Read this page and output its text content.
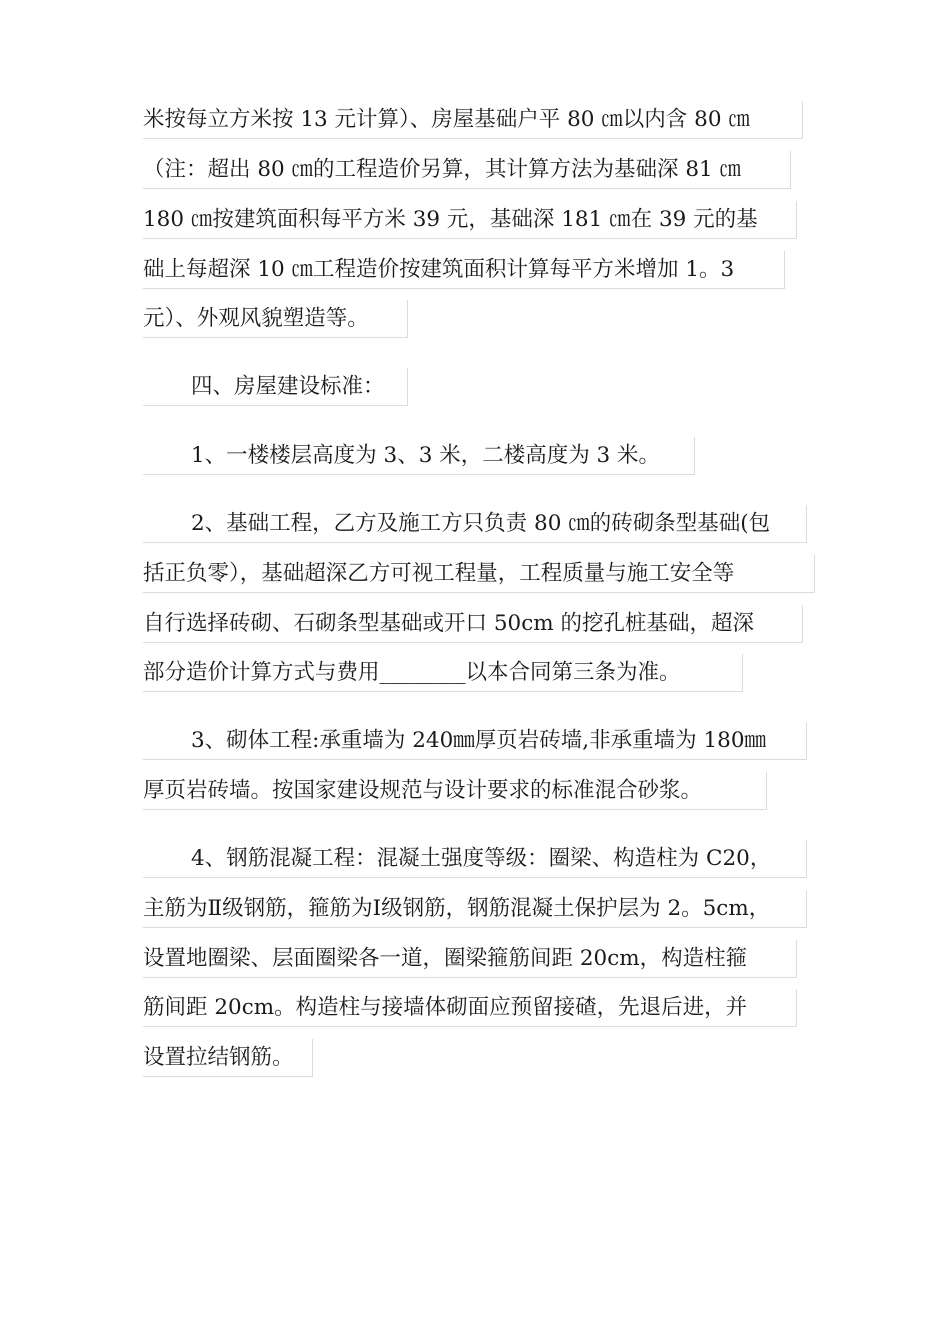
米按每立方米按 13 元计算）、房屋基础户平 80 ㎝以内含 80 ㎝
（注：超出 80 ㎝的工程造价另算，其计算方法为基础深 81 ㎝
180 ㎝按建筑面积每平方米 39 元，基础深 181 ㎝在 39 元的基
础上每超深 10 ㎝工程造价按建筑面积计算每平方米增加 1。3
元）、外观风貌塑造等。
四、房屋建设标准：
1、一楼楼层高度为 3、3 米，二楼高度为 3 米。
2、基础工程，乙方及施工方只负责 80 ㎝的砖砌条型基础(包
括正负零），基础超深乙方可视工程量，工程质量与施工安全等
自行选择砖砌、石砌条型基础或开口 50cm 的挖孔桩基础，超深
部分造价计算方式与费用________以本合同第三条为准。
3、砌体工程:承重墙为 240㎜厚页岩砖墙,非承重墙为 180㎜
厚页岩砖墙。按国家建设规范与设计要求的标准混合砂浆。
4、钢筋混凝工程：混凝土强度等级：圈梁、构造柱为 C20，
主筋为Ⅱ级钢筋，箍筋为Ⅰ级钢筋，钢筋混凝土保护层为 2。5cm，
设置地圈梁、层面圈梁各一道，圈梁箍筋间距 20cm，构造柱箍
筋间距 20cm。构造柱与接墙体砌面应预留接碴，先退后进，并
设置拉结钢筋。
